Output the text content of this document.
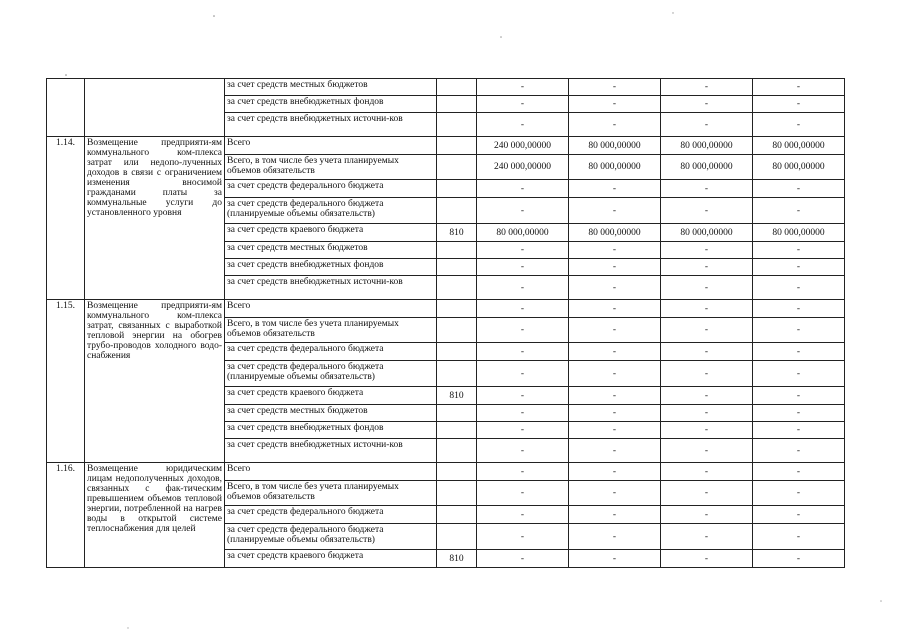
		за счет средств местных бюджетов		-	-	-	-
		за счет средств внебюджетных фондов		-	-	-	-
		за счет средств внебюджетных источни-ков		-	-	-	-
1.14.	Возмещение предприяти-ям коммунального ком-плекса затрат или недопо-лученных доходов в связи с ограничением изменения вносимой гражданами платы за коммунальные услуги до установленного уровня	Всего		240 000,00000	80 000,00000	80 000,00000	80 000,00000
		Всего, в том числе без учета планируемых объемов обязательств		240 000,00000	80 000,00000	80 000,00000	80 000,00000
		за счет средств федерального бюджета		-	-	-	-
		за счет средств федерального бюджета (планируемые объемы обязательств)		-	-	-	-
		за счет средств краевого бюджета	810	80 000,00000	80 000,00000	80 000,00000	80 000,00000
		за счет средств местных бюджетов		-	-	-	-
		за счет средств внебюджетных фондов		-	-	-	-
		за счет средств внебюджетных источни-ков		-	-	-	-
1.15.	Возмещение предприяти-ям коммунального ком-плекса затрат, связанных с выработкой тепловой энергии на обогрев трубо-проводов холодного водо-снабжения	Всего		-	-	-	-
		Всего, в том числе без учета планируемых объемов обязательств		-	-	-	-
		за счет средств федерального бюджета		-	-	-	-
		за счет средств федерального бюджета (планируемые объемы обязательств)		-	-	-	-
		за счет средств краевого бюджета	810	-	-	-	-
		за счет средств местных бюджетов		-	-	-	-
		за счет средств внебюджетных фондов		-	-	-	-
		за счет средств внебюджетных источни-ков		-	-	-	-
1.16.	Возмещение юридическим лицам недополученных доходов, связанных с фак-тическим превышением объемов тепловой энергии, потребленной на нагрев воды в открытой системе теплоснабжения для целей	Всего		-	-	-	-
		Всего, в том числе без учета планируемых объемов обязательств		-	-	-	-
		за счет средств федерального бюджета		-	-	-	-
		за счет средств федерального бюджета (планируемые объемы обязательств)		-	-	-	-
		за счет средств краевого бюджета	810	-	-	-	-
